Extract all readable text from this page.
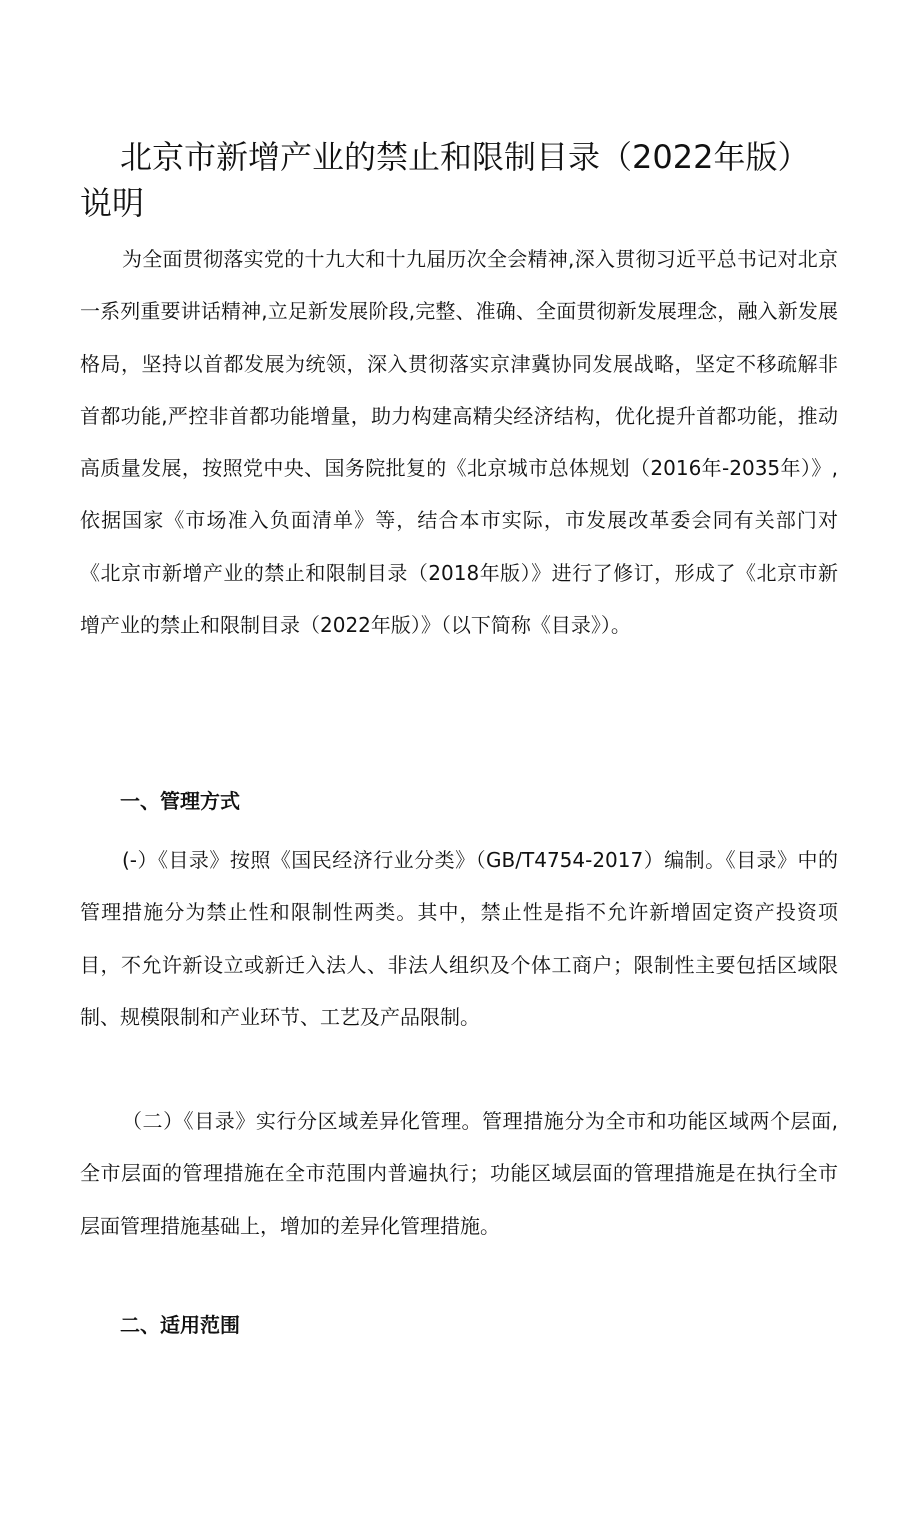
北京市新增产业的禁止和限制目录（2022年版）
说明

为全面贯彻落实党的十九大和十九届历次全会精神,深入贯彻习近平总书记对北京一系列重要讲话精神,立足新发展阶段,完整、准确、全面贯彻新发展理念，融入新发展格局，坚持以首都发展为统领，深入贯彻落实京津冀协同发展战略，坚定不移疏解非首都功能,严控非首都功能增量，助力构建高精尖经济结构，优化提升首都功能，推动高质量发展，按照党中央、国务院批复的《北京城市总体规划（2016年-2035年）》,依据国家《市场准入负面清单》等，结合本市实际，市发展改革委会同有关部门对《北京市新增产业的禁止和限制目录（2018年版）》进行了修订，形成了《北京市新增产业的禁止和限制目录（2022年版）》（以下简称《目录》）。

一、管理方式

(-）《目录》按照《国民经济行业分类》（GB/T4754-2017）编制。《目录》中的管理措施分为禁止性和限制性两类。其中，禁止性是指不允许新增固定资产投资项目，不允许新设立或新迁入法人、非法人组织及个体工商户；限制性主要包括区域限制、规模限制和产业环节、工艺及产品限制。

（二）《目录》实行分区域差异化管理。管理措施分为全市和功能区域两个层面,全市层面的管理措施在全市范围内普遍执行；功能区域层面的管理措施是在执行全市层面管理措施基础上，增加的差异化管理措施。

二、适用范围
